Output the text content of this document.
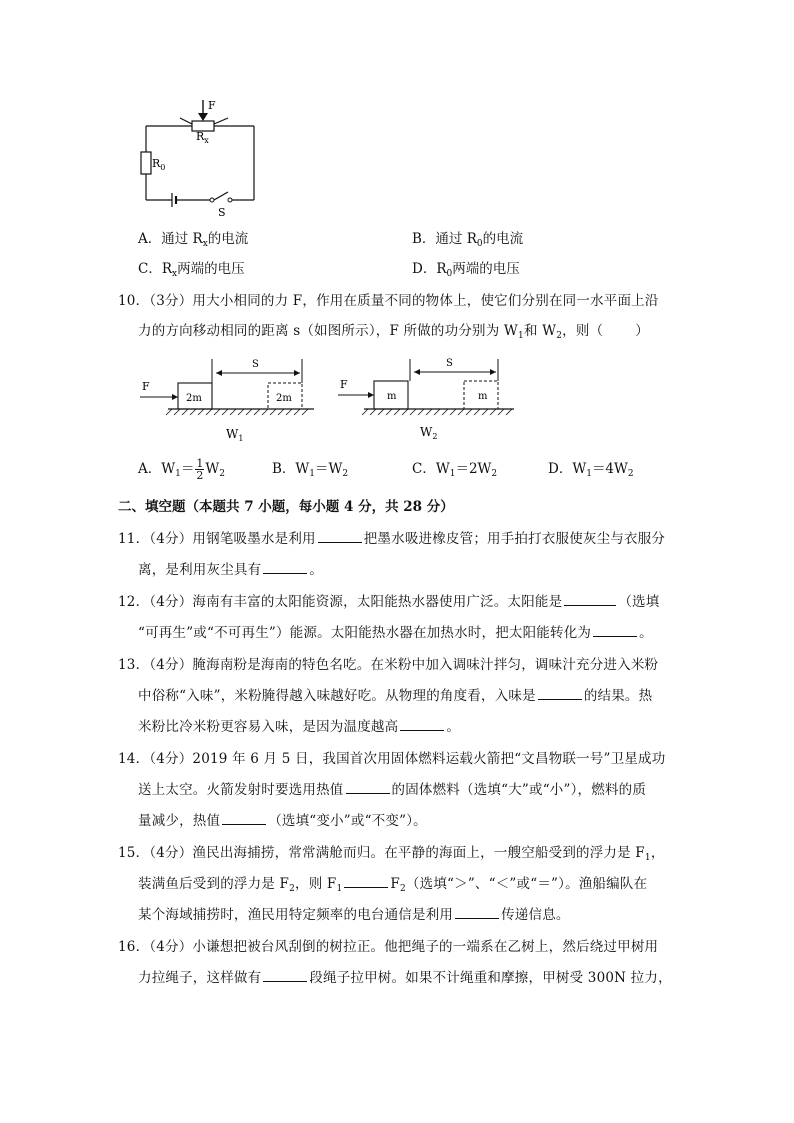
F
$R_x$
$R_0$
S
A．通过 $R_x$的电流	B．通过 $R_0$的电流
C．$R_x$两端的电压	D．$R_0$两端的电压
10．（3分）用大小相同的力 F，作用在质量不同的物体上，使它们分别在同一水平面上沿
力的方向移动相同的距离 s（如图所示），F 所做的功分别为 $W_1$和 $W_2$，则（ ）
F
2m
S
2m
$W_1$
F
m
S
m
$W_2$
A．$W_1= \frac{1}{2} W_2$	B．$W_1=W_2$	C．$W_1=2W_2$	D．$W_1=4W_2$
二、填空题（本题共 7 小题，每小题 4 分，共 28 分）
11．（4分）用钢笔吸墨水是利用	把墨水吸进橡皮管；用手拍打衣服使灰尘与衣服分
离，是利用灰尘具有	。
12．（4分）海南有丰富的太阳能资源，太阳能热水器使用广泛。太阳能是	（选填
“可再生”或“不可再生”）能源。太阳能热水器在加热水时，把太阳能转化为	。
13．（4分）腌海南粉是海南的特色名吃。在米粉中加入调味汁拌匀，调味汁充分进入米粉
中俗称“入味”，米粉腌得越入味越好吃。从物理的角度看，入味是	的结果。热
米粉比冷米粉更容易入味，是因为温度越高	。
14．（4分）2019 年 6 月 5 日，我国首次用固体燃料运载火箭把“文昌物联一号”卫星成功
送上太空。火箭发射时要选用热值	的固体燃料（选填“大”或“小”），燃料的质
量减少，热值	（选填“变小”或“不变”）。
15．（4分）渔民出海捕捞，常常满舱而归。在平静的海面上，一艘空船受到的浮力是 $F_1$，
装满鱼后受到的浮力是 $F_2$，则 $F_1$	$F_2$（选填“＞”、“＜”或“＝”）。渔船编队在
某个海域捕捞时，渔民用特定频率的电台通信是利用	传递信息。
16．（4分）小谦想把被台风刮倒的树拉正。他把绳子的一端系在乙树上，然后绕过甲树用
力拉绳子，这样做有	段绳子拉甲树。如果不计绳重和摩擦，甲树受 300N 拉力，
